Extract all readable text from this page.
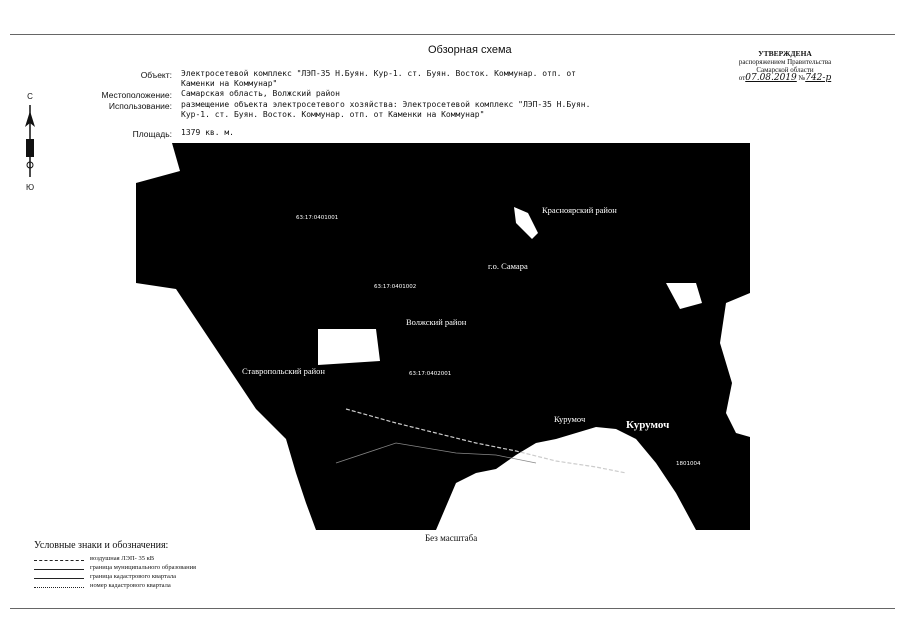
Обзорная схема
Объект: Электросетевой комплекс "ЛЭП-35 Н.Буян. Кур-1. ст. Буян. Восток. Коммунар. отп. от Каменки на Коммунар"
Местоположение: Самарская область, Волжский район
Использование: размещение объекта электросетевого хозяйства: Электросетевой комплекс "ЛЭП-35 Н.Буян. Кур-1. ст. Буян. Восток. Коммунар. отп. от Каменки на Коммунар"
Площадь: 1379 кв. м.
УТВЕРЖДЕНА
распоряжением Правительства
Самарской области
от07.08.2019 №742-р
С
Ю
Красноярский район
г.о. Самара
Волжский район
Ставропольский район
Курумоч	Курумоч
63:17:0401001
63:17:0401002
63:17:0402001
1801004
Без масштаба
Условные знаки и обозначения:
воздушная ЛЭП- 35 кВ
граница муниципального образования
граница кадастрового квартала
номер кадастрового квартала
